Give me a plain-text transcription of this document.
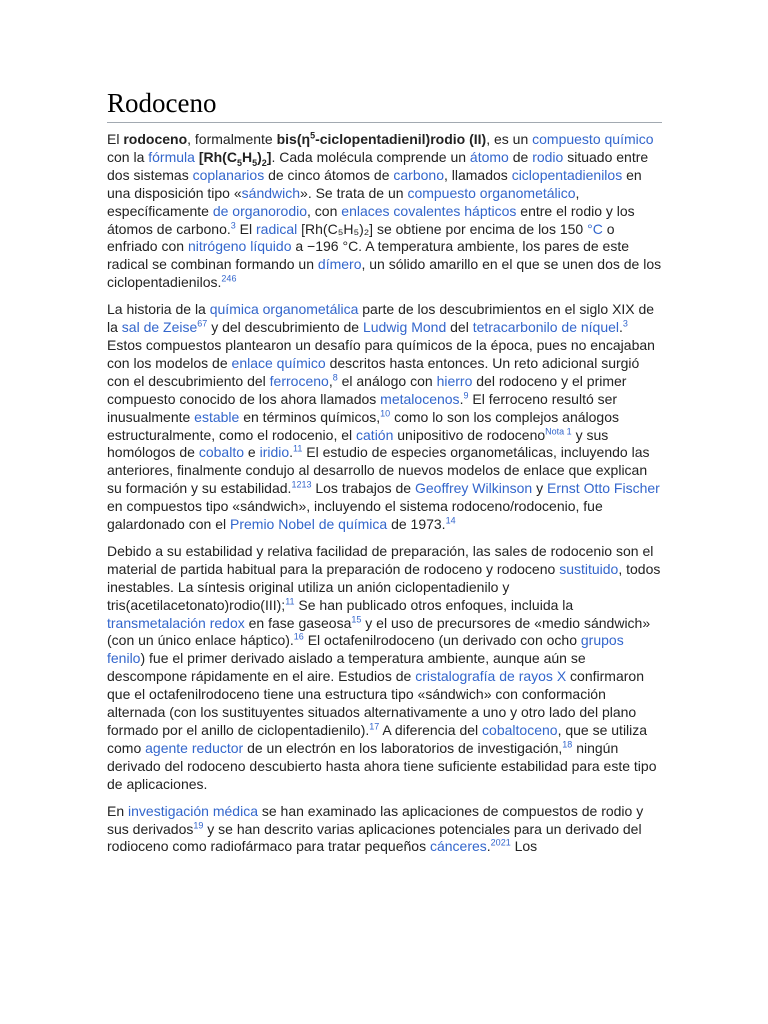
Rodoceno

El rodoceno, formalmente $bis(\eta^5-ciclopentadienil)rodio$ (II), es un compuesto químico con la fórmula $[Rh(C_5H_5)_2]$. Cada molécula comprende un átomo de rodio situado entre dos sistemas coplanarios de cinco átomos de carbono, llamados ciclopentadienilos en una disposición tipo «sándwich». Se trata de un compuesto organometálico, específicamente de organorodio, con enlaces covalentes hápticos entre el rodio y los átomos de carbono.$^3$ El radical [Rh(C₅H₅)₂] se obtiene por encima de los 150 °C o enfriado con nitrógeno líquido a −196 °C. A temperatura ambiente, los pares de este radical se combinan formando un dímero, un sólido amarillo en el que se unen dos de los ciclopentadienilos.$^{246}$

La historia de la química organometálica parte de los descubrimientos en el siglo XIX de la sal de Zeise$^{67}$ y del descubrimiento de Ludwig Mond del tetracarbonilo de níquel.$^3$ Estos compuestos plantearon un desafío para químicos de la época, pues no encajaban con los modelos de enlace químico descritos hasta entonces. Un reto adicional surgió con el descubrimiento del ferroceno,$^8$ el análogo con hierro del rodoceno y el primer compuesto conocido de los ahora llamados metalocenos.$^9$ El ferroceno resultó ser inusualmente estable en términos químicos,$^{10}$ como lo son los complejos análogos estructuralmente, como el rodocenio, el catión unipositivo de rodoceno$^{Nota 1}$ y sus homólogos de cobalto e iridio.$^{11}$ El estudio de especies organometálicas, incluyendo las anteriores, finalmente condujo al desarrollo de nuevos modelos de enlace que explican su formación y su estabilidad.$^{1213}$ Los trabajos de Geoffrey Wilkinson y Ernst Otto Fischer en compuestos tipo «sándwich», incluyendo el sistema rodoceno/rodocenio, fue galardonado con el Premio Nobel de química de 1973.14

Debido a su estabilidad y relativa facilidad de preparación, las sales de rodocenio son el material de partida habitual para la preparación de rodoceno y rodoceno sustituido, todos inestables. La síntesis original utiliza un anión ciclopentadienilo y tris(acetilacetonato)rodio(III);$^{11}$ Se han publicado otros enfoques, incluida la transmetalación redox en fase gaseosa$^{15}$ y el uso de precursores de «medio sándwich» (con un único enlace háptico).$^{16}$ El octafenilrodoceno (un derivado con ocho grupos fenilo) fue el primer derivado aislado a temperatura ambiente, aunque aún se descompone rápidamente en el aire. Estudios de cristalografía de rayos X confirmaron que el octafenilrodoceno tiene una estructura tipo «sándwich» con conformación alternada (con los sustituyentes situados alternativamente a uno y otro lado del plano formado por el anillo de ciclopentadienilo).$^{17}$ A diferencia del cobaltoceno, que se utiliza como agente reductor de un electrón en los laboratorios de investigación,$^{18}$ ningún derivado del rodoceno descubierto hasta ahora tiene suficiente estabilidad para este tipo de aplicaciones.

En investigación médica se han examinado las aplicaciones de compuestos de rodio y sus derivados$^{19}$ y se han descrito varias aplicaciones potenciales para un derivado del rodioceno como radiofármaco para tratar pequeños cánceres.$^{2021}$ Los
